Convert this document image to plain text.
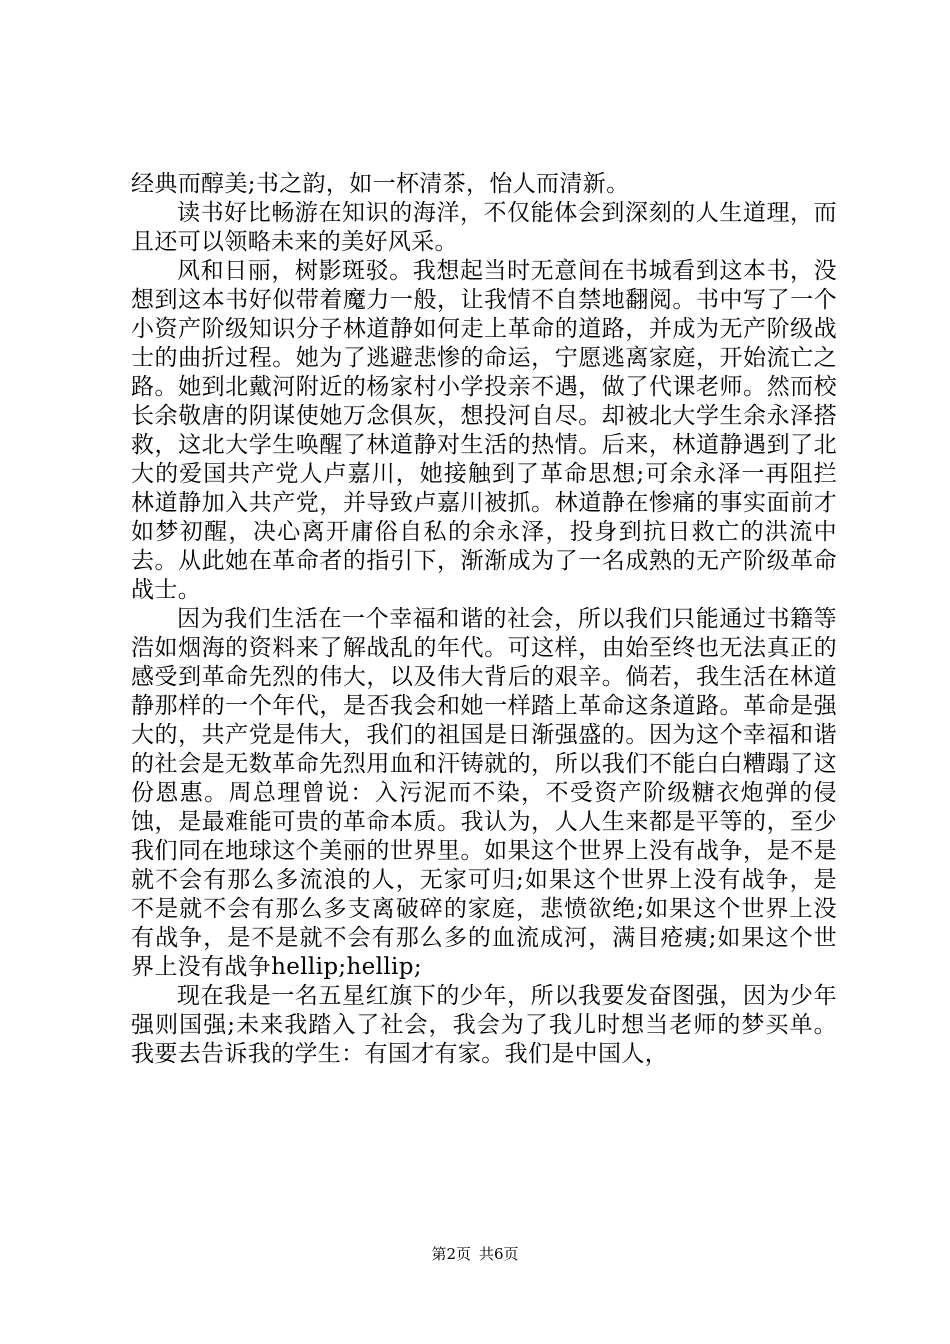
经典而醇美;书之韵，如一杯清茶，怡人而清新。

读书好比畅游在知识的海洋，不仅能体会到深刻的人生道理，而且还可以领略未来的美好风采。

风和日丽，树影斑驳。我想起当时无意间在书城看到这本书，没想到这本书好似带着魔力一般，让我情不自禁地翻阅。书中写了一个小资产阶级知识分子林道静如何走上革命的道路，并成为无产阶级战士的曲折过程。她为了逃避悲惨的命运，宁愿逃离家庭，开始流亡之路。她到北戴河附近的杨家村小学投亲不遇，做了代课老师。然而校长余敬唐的阴谋使她万念俱灰，想投河自尽。却被北大学生余永泽搭救，这北大学生唤醒了林道静对生活的热情。后来，林道静遇到了北大的爱国共产党人卢嘉川，她接触到了革命思想;可余永泽一再阻拦林道静加入共产党，并导致卢嘉川被抓。林道静在惨痛的事实面前才如梦初醒，决心离开庸俗自私的余永泽，投身到抗日救亡的洪流中去。从此她在革命者的指引下，渐渐成为了一名成熟的无产阶级革命战士。

因为我们生活在一个幸福和谐的社会，所以我们只能通过书籍等浩如烟海的资料来了解战乱的年代。可这样，由始至终也无法真正的感受到革命先烈的伟大，以及伟大背后的艰辛。倘若，我生活在林道静那样的一个年代，是否我会和她一样踏上革命这条道路。革命是强大的，共产党是伟大，我们的祖国是日渐强盛的。因为这个幸福和谐的社会是无数革命先烈用血和汗铸就的，所以我们不能白白糟蹋了这份恩惠。周总理曾说：入污泥而不染，不受资产阶级糖衣炮弹的侵蚀，是最难能可贵的革命本质。我认为，人人生来都是平等的，至少我们同在地球这个美丽的世界里。如果这个世界上没有战争，是不是就不会有那么多流浪的人，无家可归;如果这个世界上没有战争，是不是就不会有那么多支离破碎的家庭，悲愤欲绝;如果这个世界上没有战争，是不是就不会有那么多的血流成河，满目疮痍;如果这个世界上没有战争hellip;hellip;

现在我是一名五星红旗下的少年，所以我要发奋图强，因为少年强则国强;未来我踏入了社会，我会为了我儿时想当老师的梦买单。我要去告诉我的学生：有国才有家。我们是中国人，

第2页 共6页
